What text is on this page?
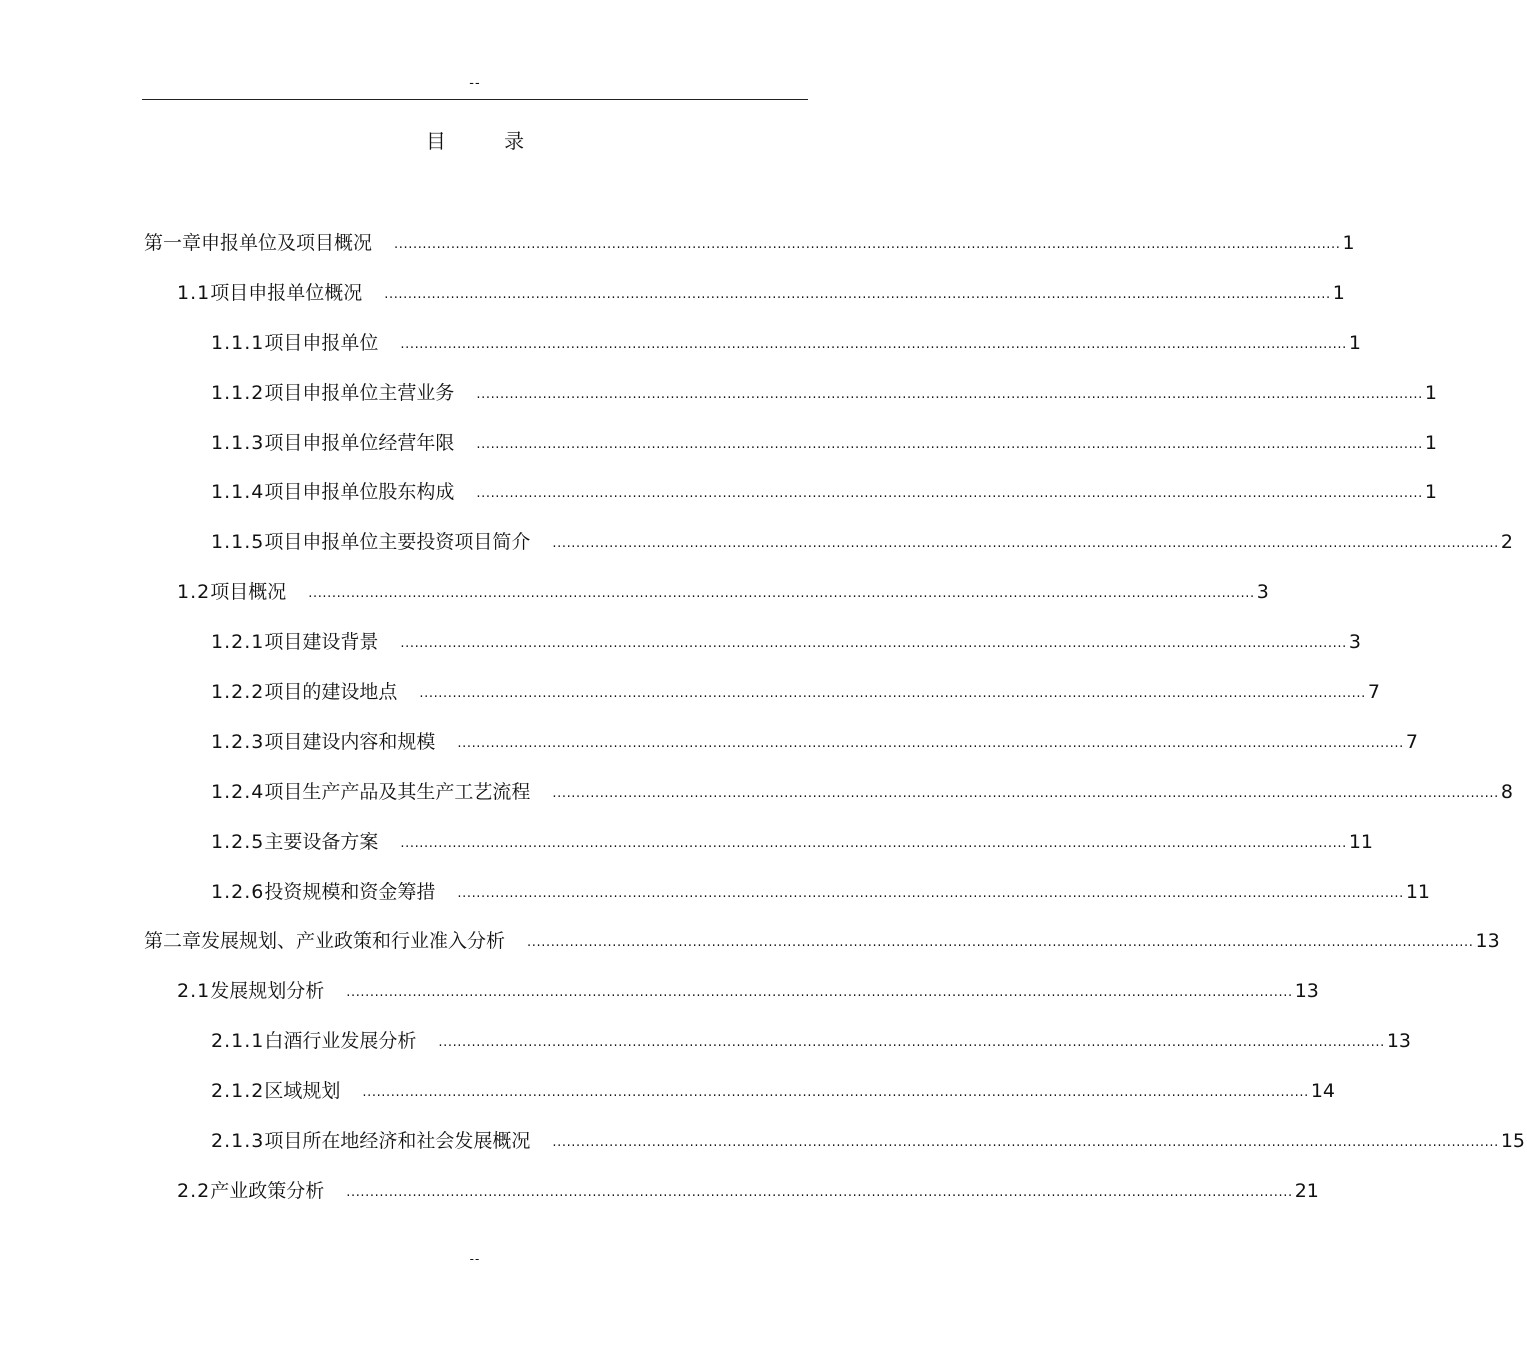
--
目 录
第一章 申报单位及项目概况 ........................................................................................................................................................................................................ 1
1.1 项目申报单位概况 ........................................................................................................................................................................................................ 1
1.1.1 项目申报单位 ........................................................................................................................................................................................................ 1
1.1.2 项目申报单位主营业务 ........................................................................................................................................................................................................ 1
1.1.3 项目申报单位经营年限 ........................................................................................................................................................................................................ 1
1.1.4 项目申报单位股东构成 ........................................................................................................................................................................................................ 1
1.1.5 项目申报单位主要投资项目简介 ........................................................................................................................................................................................................ 2
1.2 项目概况 ........................................................................................................................................................................................................ 3
1.2.1 项目建设背景 ........................................................................................................................................................................................................ 3
1.2.2 项目的建设地点 ........................................................................................................................................................................................................ 7
1.2.3 项目建设内容和规模 ........................................................................................................................................................................................................ 7
1.2.4 项目生产产品及其生产工艺流程 ........................................................................................................................................................................................................ 8
1.2.5 主要设备方案 ........................................................................................................................................................................................................ 11
1.2.6 投资规模和资金筹措 ........................................................................................................................................................................................................ 11
第二章 发展规划、产业政策和行业准入分析 ........................................................................................................................................................................................................ 13
2.1 发展规划分析 ........................................................................................................................................................................................................ 13
2.1.1 白酒行业发展分析 ........................................................................................................................................................................................................ 13
2.1.2 区域规划 ........................................................................................................................................................................................................ 14
2.1.3 项目所在地经济和社会发展概况 ........................................................................................................................................................................................................ 15
2.2 产业政策分析 ........................................................................................................................................................................................................ 21
--
